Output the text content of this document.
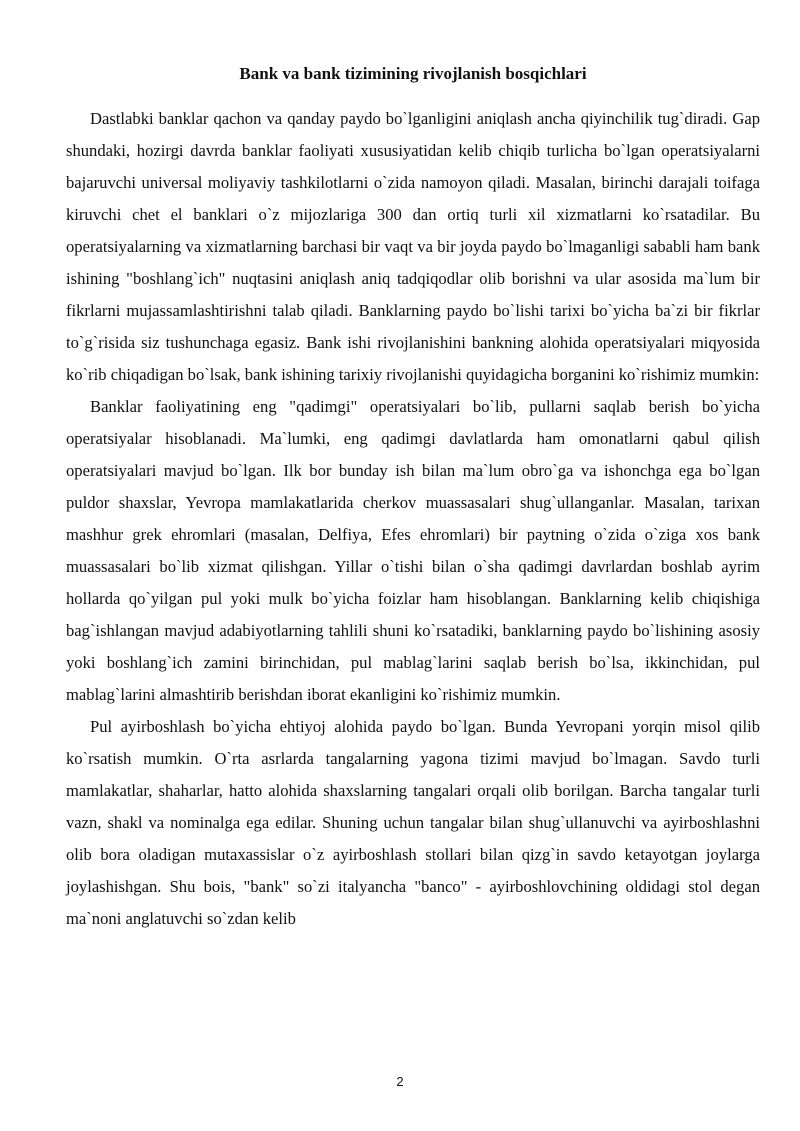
Bank va bank tizimining rivojlanish bosqichlari

Dastlabki banklar qachon va qanday paydo bo`lganligini aniqlash ancha qiyinchilik tug`diradi. Gap shundaki, hozirgi davrda banklar faoliyati xususiyatidan kelib chiqib turlicha bo`lgan operatsiyalarni bajaruvchi universal moliyaviy tashkilotlarni o`zida namoyon qiladi. Masalan, birinchi darajali toifaga kiruvchi chet el banklari o`z mijozlariga 300 dan ortiq turli xil xizmatlarni ko`rsatadilar. Bu operatsiyalarning va xizmatlarning barchasi bir vaqt va bir joyda paydo bo`lmaganligi sababli ham bank ishining "boshlang`ich" nuqtasini aniqlash aniq tadqiqodlar olib borishni va ular asosida ma`lum bir fikrlarni mujassamlashtirishni talab qiladi. Banklarning paydo bo`lishi tarixi bo`yicha ba`zi bir fikrlar to`g`risida siz tushunchaga egasiz. Bank ishi rivojlanishini bankning alohida operatsiyalari miqyosida ko`rib chiqadigan bo`lsak, bank ishining tarixiy rivojlanishi quyidagicha borganini ko`rishimiz mumkin:

Banklar faoliyatining eng "qadimgi" operatsiyalari bo`lib, pullarni saqlab berish bo`yicha operatsiyalar hisoblanadi. Ma`lumki, eng qadimgi davlatlarda ham omonatlarni qabul qilish operatsiyalari mavjud bo`lgan. Ilk bor bunday ish bilan ma`lum obro`ga va ishonchga ega bo`lgan puldor shaxslar, Yevropa mamlakatlarida cherkov muassasalari shug`ullanganlar. Masalan, tarixan mashhur grek ehromlari (masalan, Delfiya, Efes ehromlari) bir paytning o`zida o`ziga xos bank muassasalari bo`lib xizmat qilishgan. Yillar o`tishi bilan o`sha qadimgi davrlardan boshlab ayrim hollarda qo`yilgan pul yoki mulk bo`yicha foizlar ham hisoblangan. Banklarning kelib chiqishiga bag`ishlangan mavjud adabiyotlarning tahlili shuni ko`rsatadiki, banklarning paydo bo`lishining asosiy yoki boshlang`ich zamini birinchidan, pul mablag`larini saqlab berish bo`lsa, ikkinchidan, pul mablag`larini almashtirib berishdan iborat ekanligini ko`rishimiz mumkin.

Pul ayirboshlash bo`yicha ehtiyoj alohida paydo bo`lgan. Bunda Yevropani yorqin misol qilib ko`rsatish mumkin. O`rta asrlarda tangalarning yagona tizimi mavjud bo`lmagan. Savdo turli mamlakatlar, shaharlar, hatto alohida shaxslarning tangalari orqali olib borilgan. Barcha tangalar turli vazn, shakl va nominalga ega edilar. Shuning uchun tangalar bilan shug`ullanuvchi va ayirboshlashni olib bora oladigan mutaxassislar o`z ayirboshlash stollari bilan qizg`in savdo ketayotgan joylarga joylashishgan. Shu bois, "bank" so`zi italyancha "banco" - ayirboshlovchining oldidagi stol degan ma`noni anglatuvchi so`zdan kelib

2
